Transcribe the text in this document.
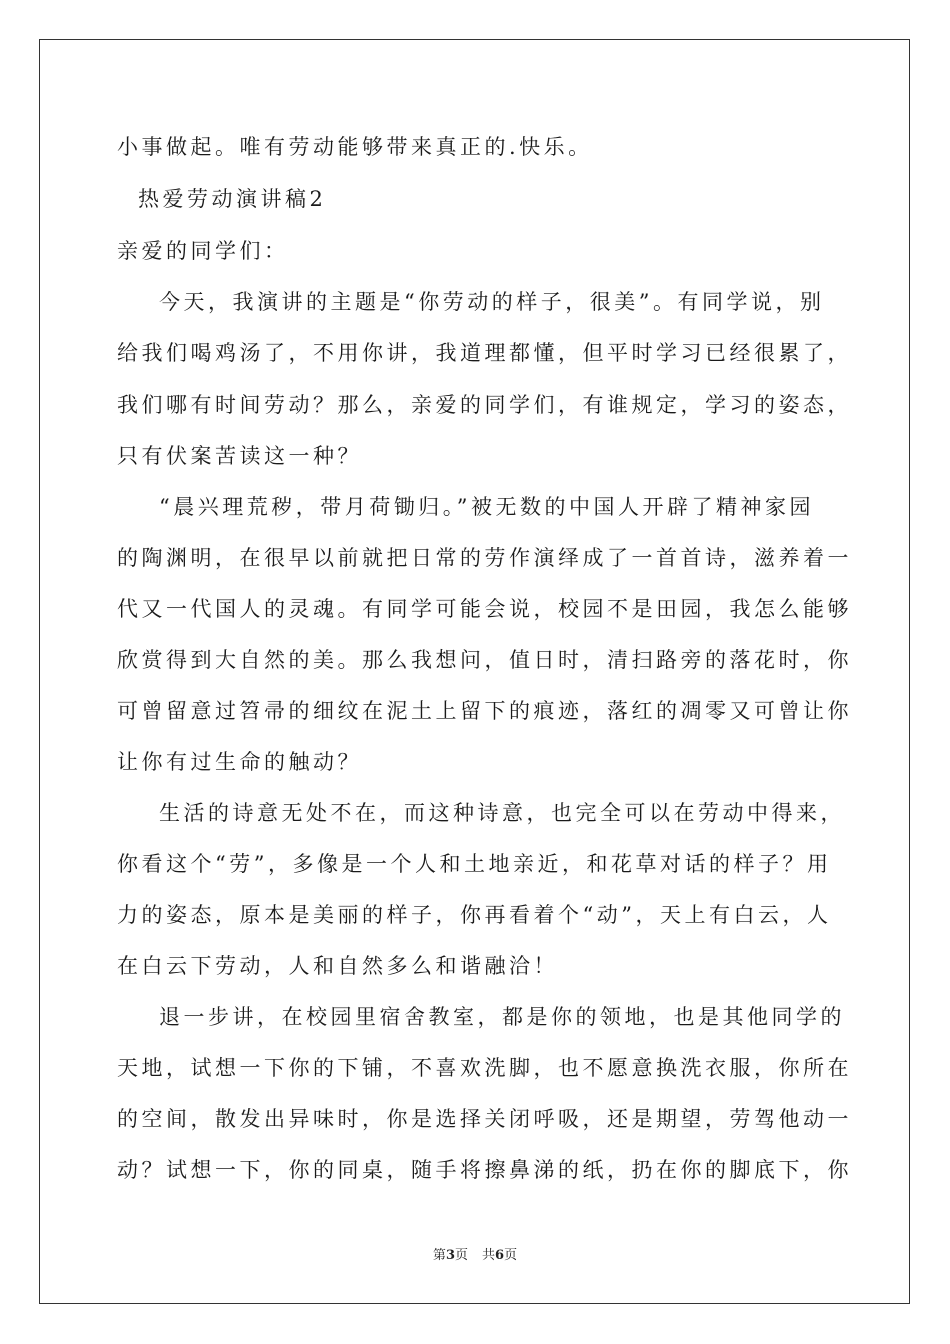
小事做起。唯有劳动能够带来真正的.快乐。

热爱劳动演讲稿2

亲爱的同学们：

今天，我演讲的主题是“你劳动的样子，很美”。有同学说，别

给我们喝鸡汤了，不用你讲，我道理都懂，但平时学习已经很累了，

我们哪有时间劳动？那么，亲爱的同学们，有谁规定，学习的姿态，

只有伏案苦读这一种？

“晨兴理荒秽，带月荷锄归。”被无数的中国人开辟了精神家园

的陶渊明，在很早以前就把日常的劳作演绎成了一首首诗，滋养着一

代又一代国人的灵魂。有同学可能会说，校园不是田园，我怎么能够

欣赏得到大自然的美。那么我想问，值日时，清扫路旁的落花时，你

可曾留意过笤帚的细纹在泥土上留下的痕迹，落红的凋零又可曾让你

让你有过生命的触动？

生活的诗意无处不在，而这种诗意，也完全可以在劳动中得来，

你看这个“劳”，多像是一个人和土地亲近，和花草对话的样子？用

力的姿态，原本是美丽的样子，你再看着个“动”，天上有白云，人

在白云下劳动，人和自然多么和谐融洽！

退一步讲，在校园里宿舍教室，都是你的领地，也是其他同学的

天地，试想一下你的下铺，不喜欢洗脚，也不愿意换洗衣服，你所在

的空间，散发出异味时，你是选择关闭呼吸，还是期望，劳驾他动一

动？试想一下，你的同桌，随手将擦鼻涕的纸，扔在你的脚底下，你

第3页 共6页
